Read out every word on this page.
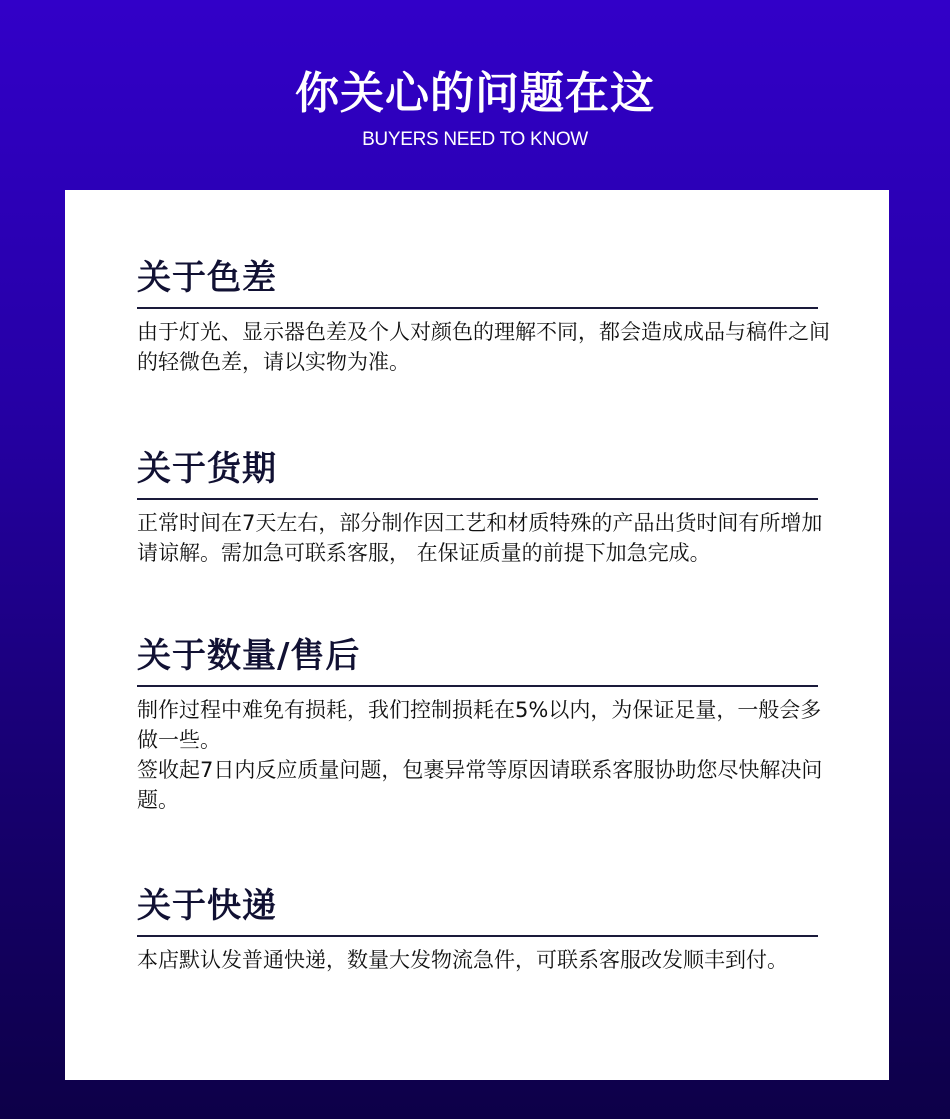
你关心的问题在这
BUYERS NEED TO KNOW
关于色差

由于灯光、显示器色差及个人对颜色的理解不同，都会造成成品与稿件之间的轻微色差，请以实物为准。

关于货期

正常时间在7天左右，部分制作因工艺和材质特殊的产品出货时间有所增加请谅解。需加急可联系客服， 在保证质量的前提下加急完成。

关于数量/售后

制作过程中难免有损耗，我们控制损耗在5%以内，为保证足量，一般会多做一些。

签收起7日内反应质量问题，包裹异常等原因请联系客服协助您尽快解决问题。

关于快递

本店默认发普通快递，数量大发物流急件，可联系客服改发顺丰到付。
